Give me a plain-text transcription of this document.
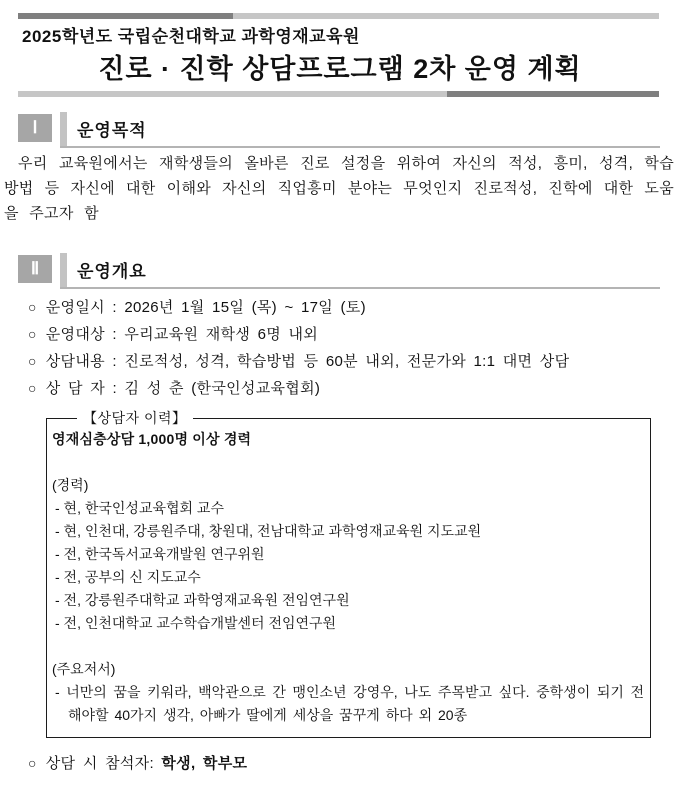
2025학년도 국립순천대학교 과학영재교육원
진로 · 진학 상담프로그램 2차 운영 계획
Ⅰ	운영목적
우리 교육원에서는 재학생들의 올바른 진로 설정을 위하여 자신의 적성, 흥미, 성격, 학습방법 등 자신에 대한 이해와 자신의 직업흥미 분야는 무엇인지 진로적성, 진학에 대한 도움을 주고자 함
Ⅱ	운영개요
○ 운영일시 : 2026년 1월 15일 (목) ~ 17일 (토)
○ 운영대상 : 우리교육원 재학생 6명 내외
○ 상담내용 : 진로적성, 성격, 학습방법 등 60분 내외, 전문가와 1:1 대면 상담
○ 상 담 자 : 김 성 춘 (한국인성교육협회)
【상담자 이력】
영재심층상담 1,000명 이상 경력
(경력)
- 현, 한국인성교육협회 교수
- 현, 인천대, 강릉원주대, 창원대, 전남대학교 과학영재교육원 지도교원
- 전, 한국독서교육개발원 연구위원
- 전, 공부의 신 지도교수
- 전, 강릉원주대학교 과학영재교육원 전임연구원
- 전, 인천대학교 교수학습개발센터 전임연구원
(주요저서)
- 너만의 꿈을 키워라, 백악관으로 간 맹인소년 강영우, 나도 주목받고 싶다. 중학생이 되기 전 해야할 40가지 생각, 아빠가 딸에게 세상을 꿈꾸게 하다 외 20종
○ 상담 시 참석자: 학생, 학부모
